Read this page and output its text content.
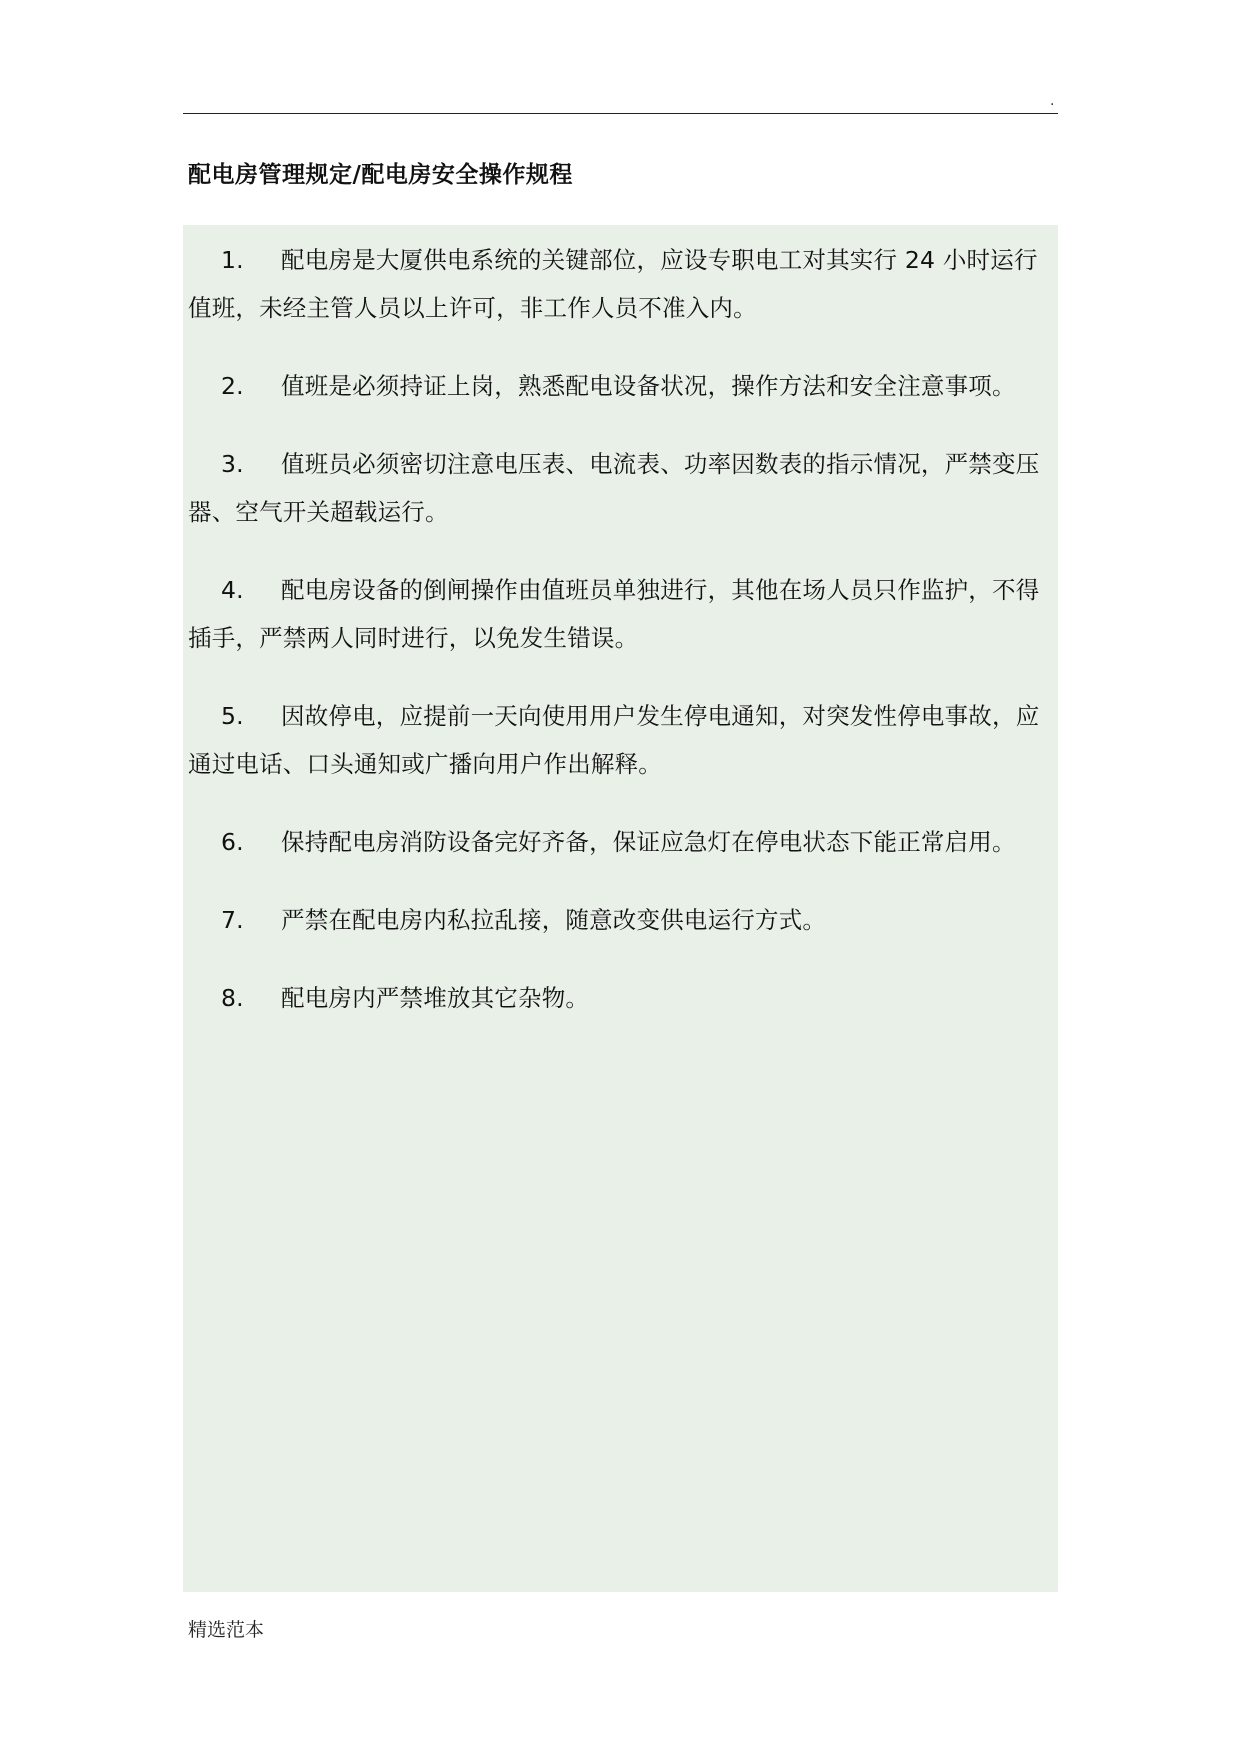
.
配电房管理规定/配电房安全操作规程
1. 配电房是大厦供电系统的关键部位，应设专职电工对其实行 24 小时运行值班，未经主管人员以上许可，非工作人员不准入内。
2. 值班是必须持证上岗，熟悉配电设备状况，操作方法和安全注意事项。
3. 值班员必须密切注意电压表、电流表、功率因数表的指示情况，严禁变压器、空气开关超载运行。
4. 配电房设备的倒闸操作由值班员单独进行，其他在场人员只作监护，不得插手，严禁两人同时进行，以免发生错误。
5. 因故停电，应提前一天向使用用户发生停电通知，对突发性停电事故，应通过电话、口头通知或广播向用户作出解释。
6. 保持配电房消防设备完好齐备，保证应急灯在停电状态下能正常启用。
7. 严禁在配电房内私拉乱接，随意改变供电运行方式。
8. 配电房内严禁堆放其它杂物。
精选范本
